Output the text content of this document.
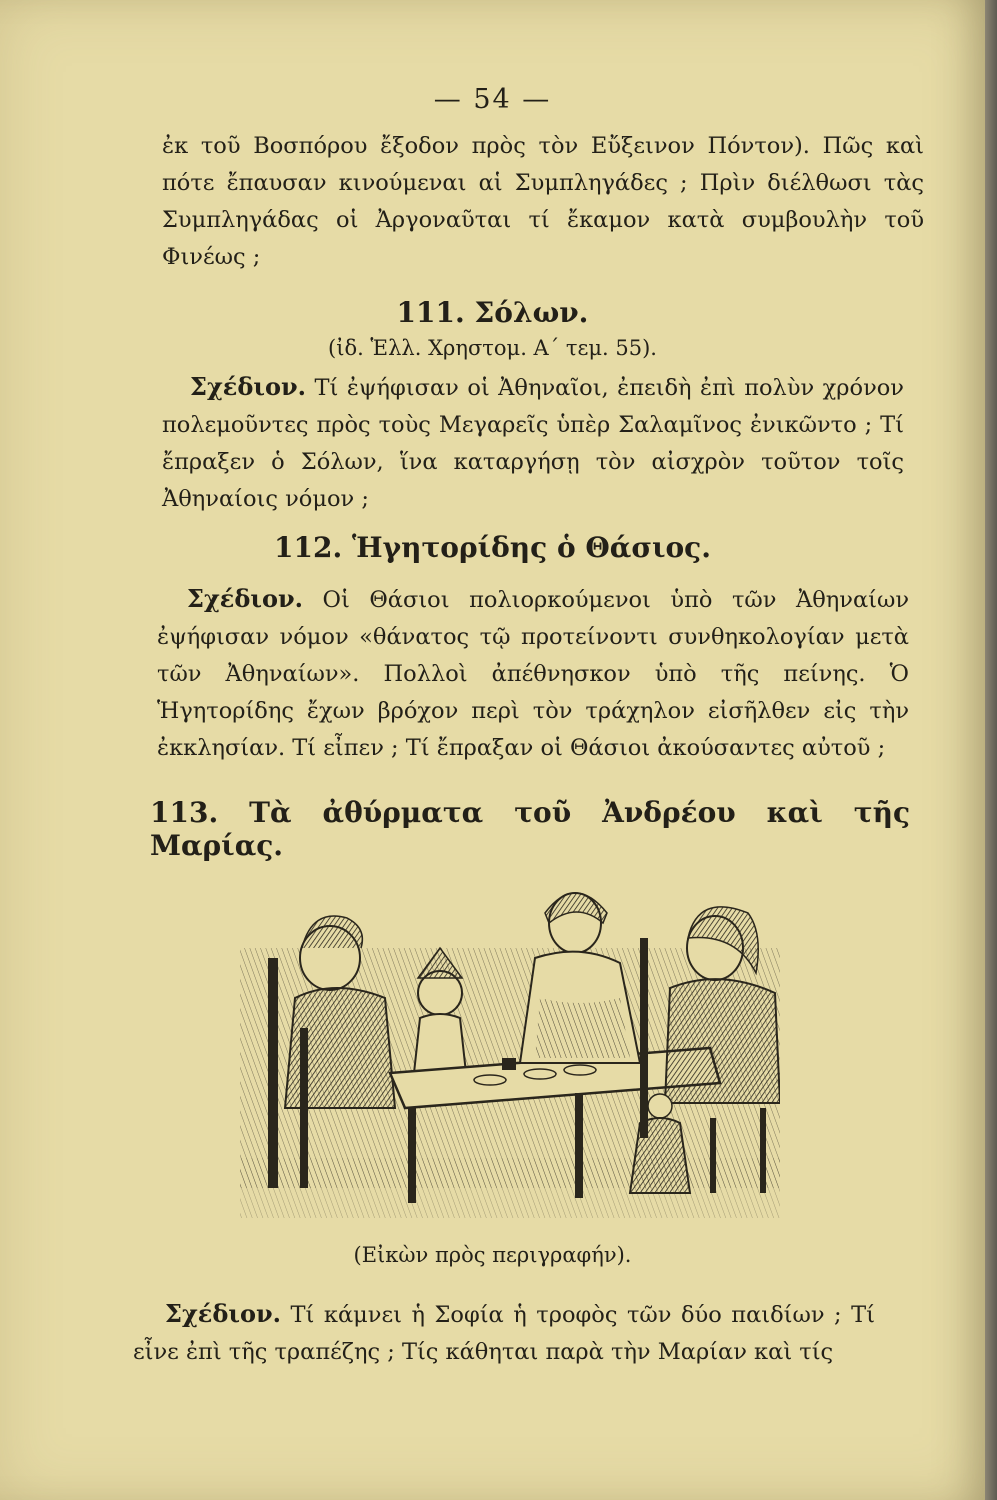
— 54 —

ἐκ τοῦ Βοσπόρου ἔξοδον πρὸς τὸν Εὔξεινον Πόντον). Πῶς καὶ πότε ἔπαυσαν κινούμεναι αἱ Συμπληγάδες ; Πρὶν διέλθωσι τὰς Συμπληγάδας οἱ Ἀργοναῦται τί ἔκαμον κατὰ συμβουλὴν τοῦ Φινέως ;

111. Σόλων.

(ἰδ. Ἑλλ. Χρηστομ. Α΄ τεμ. 55).

Σχέδιον. Τί ἐψήφισαν οἱ Ἀθηναῖοι, ἐπειδὴ ἐπὶ πολὺν χρόνον πολεμοῦντες πρὸς τοὺς Μεγαρεῖς ὑπὲρ Σαλαμῖνος ἐνικῶντο ; Τί ἔπραξεν ὁ Σόλων, ἵνα καταργήσῃ τὸν αἰσχρὸν τοῦτον τοῖς Ἀθηναίοις νόμον ;

112. Ἡγητορίδης ὁ Θάσιος.

Σχέδιον. Οἱ Θάσιοι πολιορκούμενοι ὑπὸ τῶν Ἀθηναίων ἐψήφισαν νόμον «θάνατος τῷ προτείνοντι συνθηκολογίαν μετὰ τῶν Ἀθηναίων». Πολλοὶ ἀπέθνησκον ὑπὸ τῆς πείνης. Ὁ Ἡγητορίδης ἔχων βρόχον περὶ τὸν τράχηλον εἰσῆλθεν εἰς τὴν ἐκκλησίαν. Τί εἶπεν ; Τί ἔπραξαν οἱ Θάσιοι ἀκούσαντες αὐτοῦ ;

113. Τὰ ἀθύρματα τοῦ Ἀνδρέου καὶ τῆς Μαρίας.
(Εἰκὼν πρὸς περιγραφήν).

Σχέδιον. Τί κάμνει ἡ Σοφία ἡ τροφὸς τῶν δύο παιδίων ; Τί εἶνε ἐπὶ τῆς τραπέζης ; Τίς κάθηται παρὰ τὴν Μαρίαν καὶ τίς
